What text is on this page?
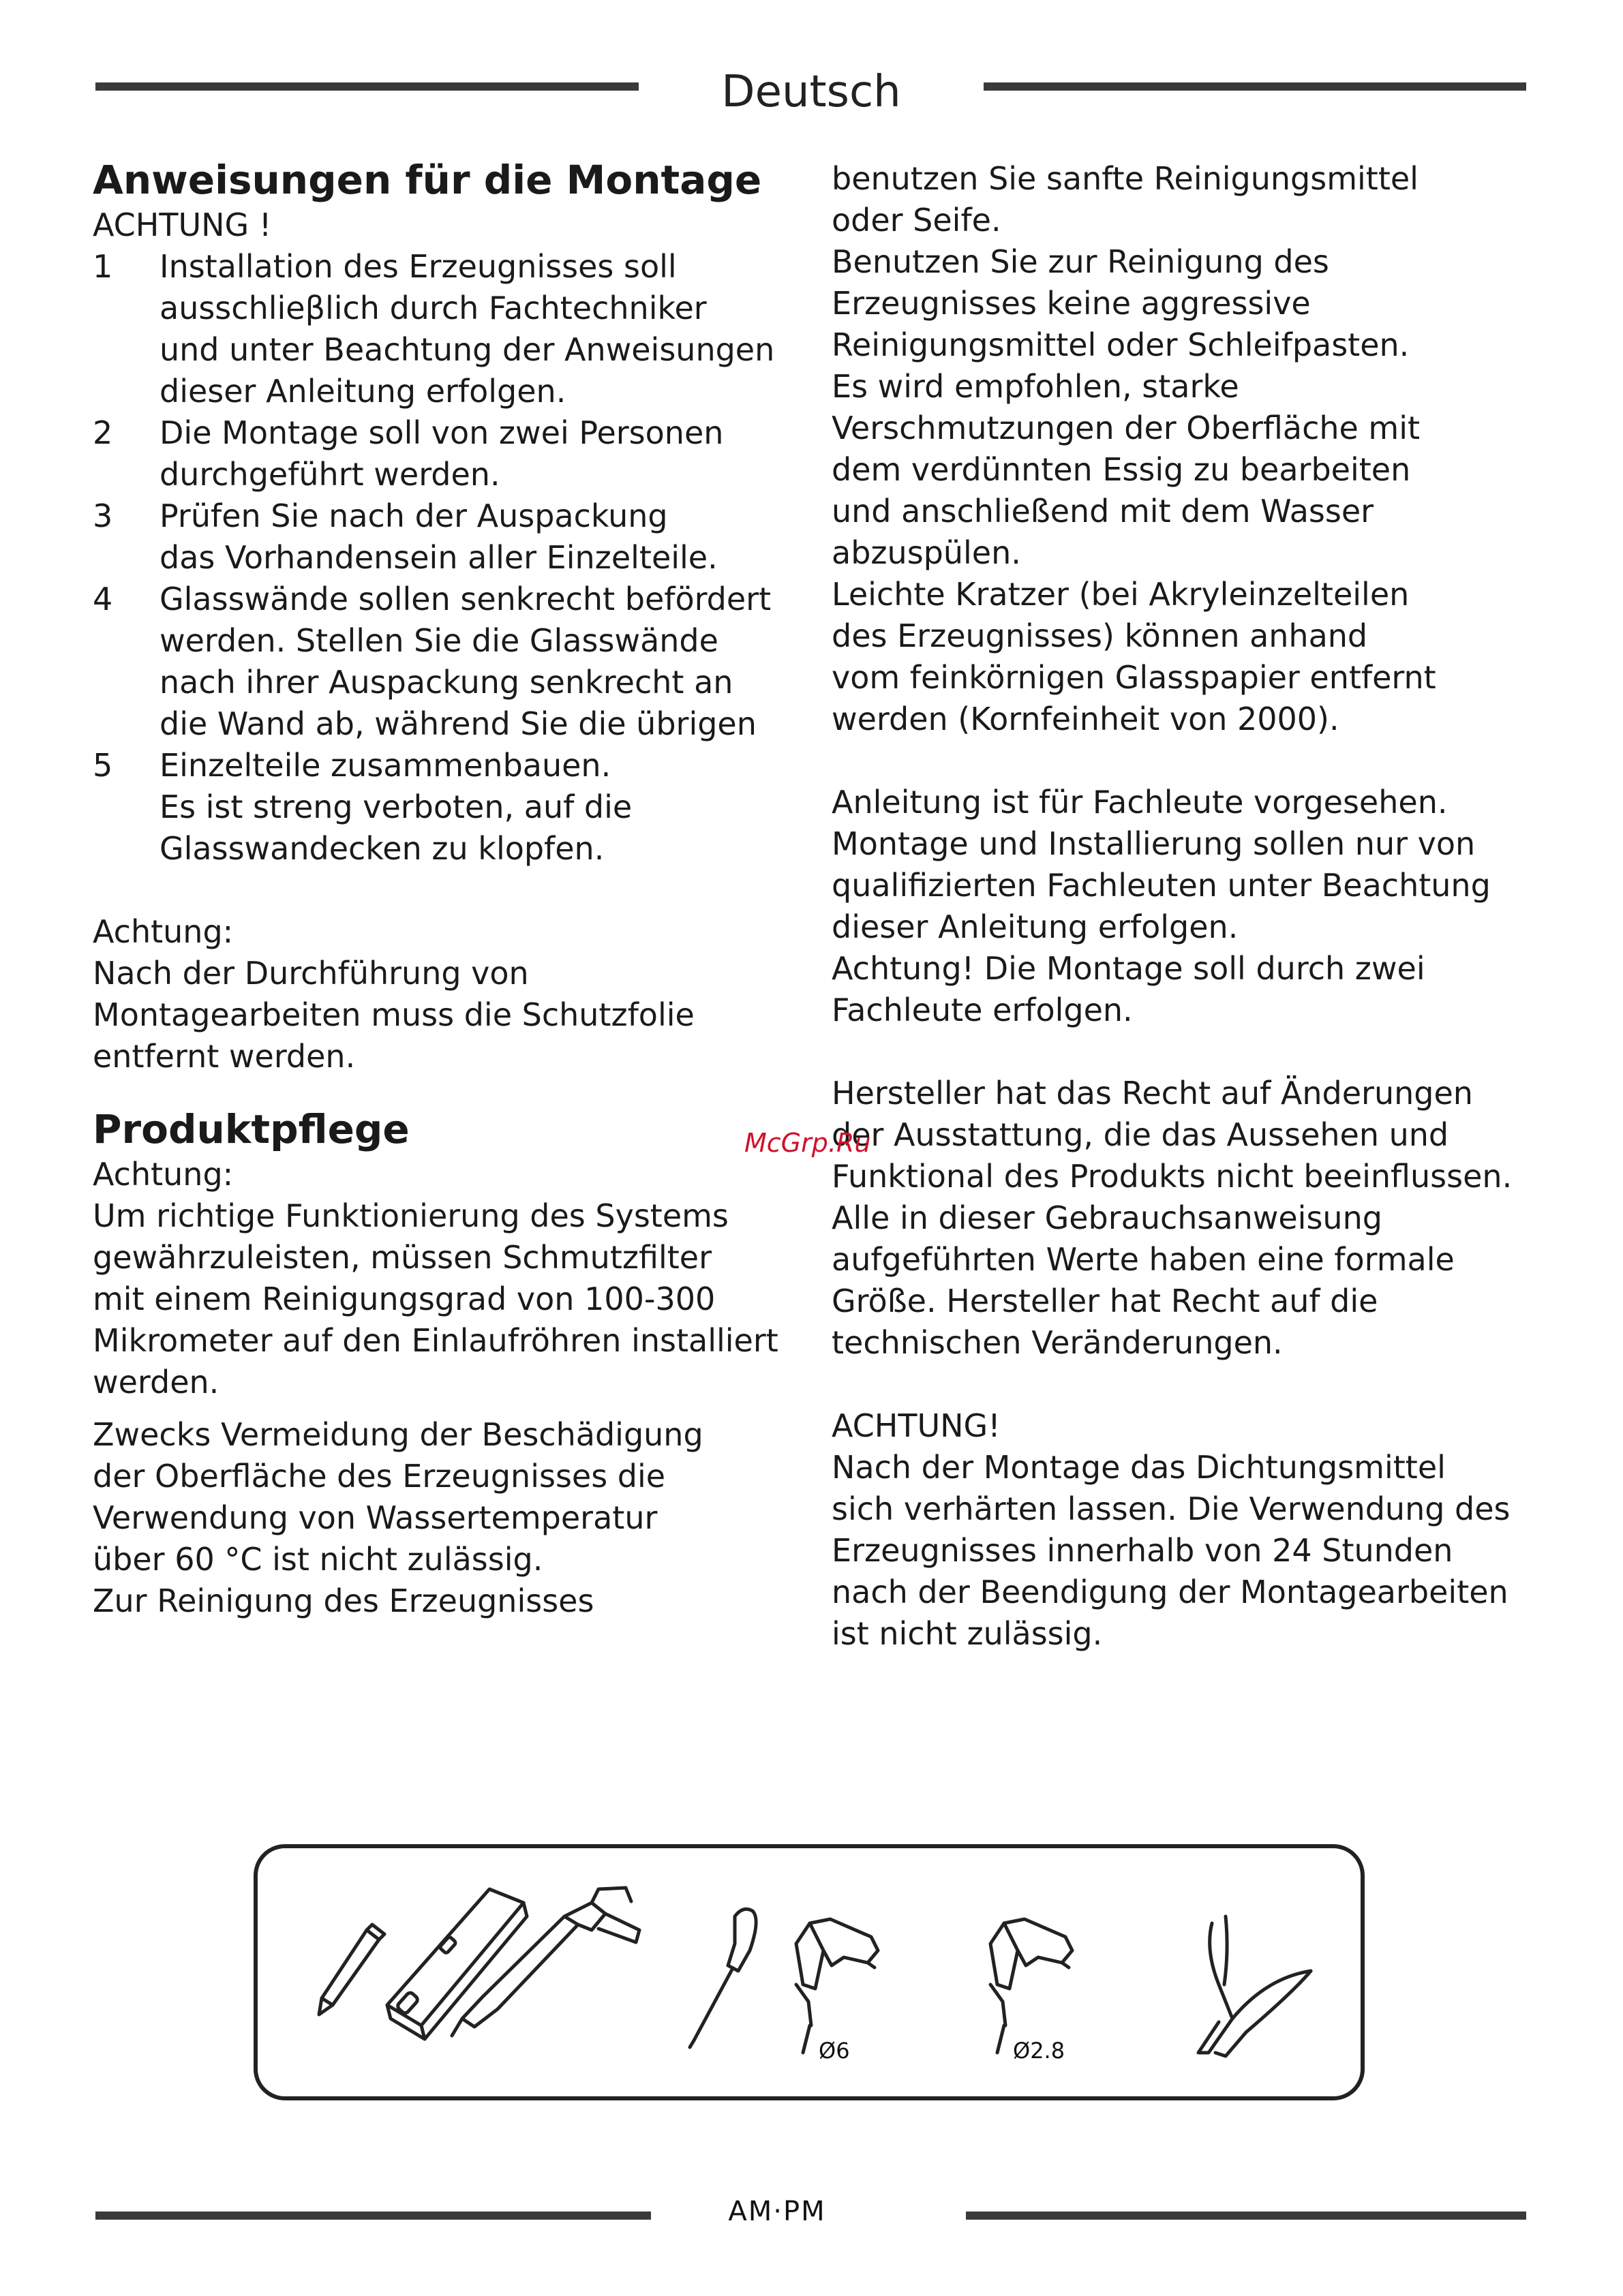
Deutsch
Anweisungen für die Montage
ACHTUNG !
1	Installation des Erzeugnisses soll
ausschlieβlich durch Fachtechniker
und unter Beachtung der Anweisungen
dieser Anleitung erfolgen.
2	Die Montage soll von zwei Personen
durchgeführt werden.
3	Prüfen Sie nach der Auspackung
das Vorhandensein aller Einzelteile.
4	Glasswände sollen senkrecht befördert
werden. Stellen Sie die Glasswände
nach ihrer Auspackung senkrecht an
die Wand ab, während Sie die übrigen
5	Einzelteile zusammenbauen.
Es ist streng verboten, auf die
Glasswandecken zu klopfen.
Achtung:
Nach der Durchführung von
Montagearbeiten muss die Schutzfolie
entfernt werden.
Produktpflege
Achtung:
Um richtige Funktionierung des Systems
gewährzuleisten, müssen Schmutzfilter
mit einem Reinigungsgrad von 100-300
Mikrometer auf den Einlaufröhren installiert
werden.
Zwecks Vermeidung der Beschädigung
der Oberfläche des Erzeugnisses die
Verwendung von Wassertemperatur
über 60 °C ist nicht zulässig.
Zur Reinigung des Erzeugnisses
benutzen Sie sanfte Reinigungsmittel
oder Seife.
Benutzen Sie zur Reinigung des
Erzeugnisses keine aggressive
Reinigungsmittel oder Schleifpasten.
Es wird empfohlen, starke
Verschmutzungen der Oberfläche mit
dem verdünnten Essig zu bearbeiten
und anschließend mit dem Wasser
abzuspülen.
Leichte Kratzer (bei Akryleinzelteilen
des Erzeugnisses) können anhand
vom feinkörnigen Glasspapier entfernt
werden (Kornfeinheit von 2000).
Anleitung ist für Fachleute vorgesehen.
Montage und Installierung sollen nur von
qualifizierten Fachleuten unter Beachtung
dieser Anleitung erfolgen.
Achtung! Die Montage soll durch zwei
Fachleute erfolgen.
Hersteller hat das Recht auf Änderungen
der Ausstattung, die das Aussehen und
Funktional des Produkts nicht beeinflussen.
Alle in dieser Gebrauchsanweisung
aufgeführten Werte haben eine formale
Größe. Hersteller hat Recht auf die
technischen Veränderungen.
ACHTUNG!
Nach der Montage das Dichtungsmittel
sich verhärten lassen. Die Verwendung des
Erzeugnisses innerhalb von 24 Stunden
nach der Beendigung der Montagearbeiten
ist nicht zulässig.
McGrp.Ru
Ø6	Ø2.8
AM·PM
